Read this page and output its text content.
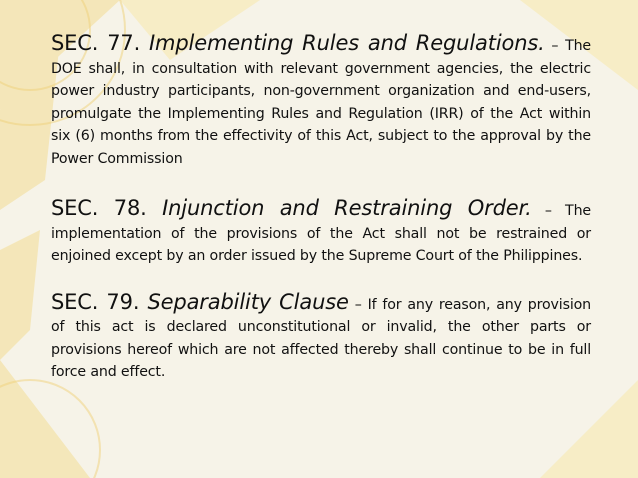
SEC. 77. Implementing Rules and Regulations. – The DOE shall, in consultation with relevant government agencies, the electric power industry participants, non-government organization and end-users, promulgate the Implementing Rules and Regulation (IRR) of the Act within six (6) months from the effectivity of this Act, subject to the approval by the Power Commission

SEC. 78. Injunction and Restraining Order. – The implementation of the provisions of the Act shall not be restrained or enjoined except by an order issued by the Supreme Court of the Philippines.

SEC. 79. Separability Clause – If for any reason, any provision of this act is declared unconstitutional or invalid, the other parts or provisions hereof which are not affected thereby shall continue to be in full force and effect.
